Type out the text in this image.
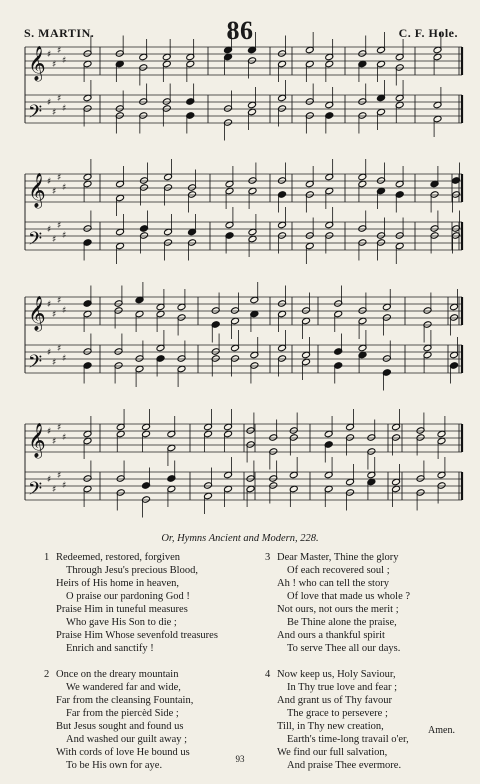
S. MARTIN.	86	C. F. Hole.
𝄞 ♯
♯
♯
♯
𝄢 ♯
♯
♯
♯
𝄞 ♯
♯
♯
♯
𝄢 ♯
♯
♯
♯
𝄞 ♯
♯
♯
♯
𝄢 ♯
♯
♯
♯
𝄞 ♯
♯
♯
♯
𝄢 ♯
♯
♯
♯
Or, Hymns Ancient and Modern, 228.
1 Redeemed, restored, forgiven
Through Jesu's precious Blood,
Heirs of His home in heaven,
O praise our pardoning God !
Praise Him in tuneful measures
Who gave His Son to die ;
Praise Him Whose sevenfold treasures
Enrich and sanctify !
2 Once on the dreary mountain
We wandered far and wide,
Far from the cleansing Fountain,
Far from the piercèd Side ;
But Jesus sought and found us
And washed our guilt away ;
With cords of love He bound us
To be His own for aye.
3 Dear Master, Thine the glory
Of each recovered soul ;
Ah ! who can tell the story
Of love that made us whole ?
Not ours, not ours the merit ;
Be Thine alone the praise,
And ours a thankful spirit
To serve Thee all our days.
4 Now keep us, Holy Saviour,
In Thy true love and fear ;
And grant us of Thy favour
The grace to persevere ;
Till, in Thy new creation,
Earth's time-long travail o'er,
We find our full salvation,
And praise Thee evermore.
Amen.
93
